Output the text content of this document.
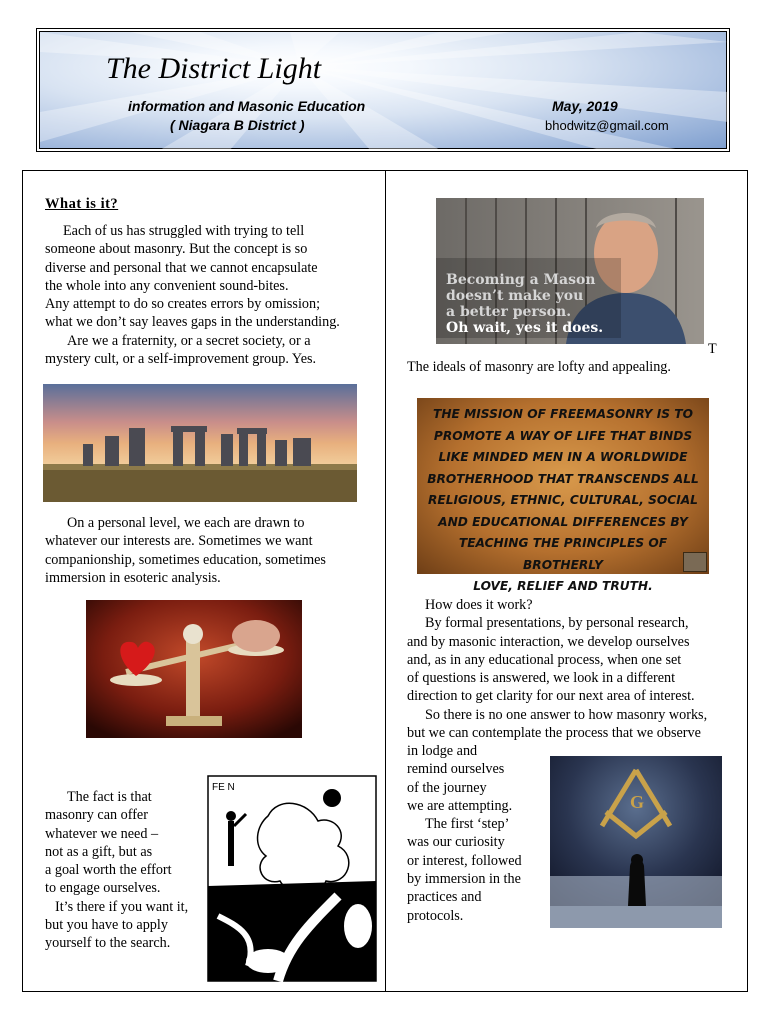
The District Light
information and Masonic Education
( Niagara B District )
May, 2019
bhodwitz@gmail.com
What is it?
Each of us has struggled with trying to tell
someone about masonry. But the concept is so
diverse and personal that we cannot encapsulate
the whole into any convenient sound-bites.
Any attempt to do so creates errors by omission;
what we don’t say leaves gaps in the understanding.
Are we a fraternity, or a secret society, or a
mystery cult, or a self-improvement group. Yes.
On a personal level, we each are drawn to
whatever our interests are. Sometimes we want
companionship, sometimes education, sometimes
immersion in esoteric analysis.
The fact is that
masonry can offer
whatever we need –
not as a gift, but as
a goal worth the effort
to engage ourselves.
It’s there if you want it,
but you have to apply
yourself to the search.
FE N
Becoming a Mason
doesn’t make you
a better person.
Oh wait, yes it does.
T
The ideals of masonry are lofty and appealing.
THE MISSION OF FREEMASONRY IS TO
PROMOTE A WAY OF LIFE THAT BINDS
LIKE MINDED MEN IN A WORLDWIDE
BROTHERHOOD THAT TRANSCENDS ALL
RELIGIOUS, ETHNIC, CULTURAL, SOCIAL
AND EDUCATIONAL DIFFERENCES BY
TEACHING THE PRINCIPLES OF BROTHERLY
LOVE, RELIEF AND TRUTH.
How does it work?
By formal presentations, by personal research,
and by masonic interaction, we develop ourselves
and, as in any educational process, when one set
of questions is answered, we look in a different
direction to get clarity for our next area of interest.
So there is no one answer to how masonry works,
but we can contemplate the process that we observe
in lodge and
remind ourselves
of the journey
we are attempting.
The first ‘step’
was our curiosity
or interest, followed
by immersion in the
practices and
protocols.
G
